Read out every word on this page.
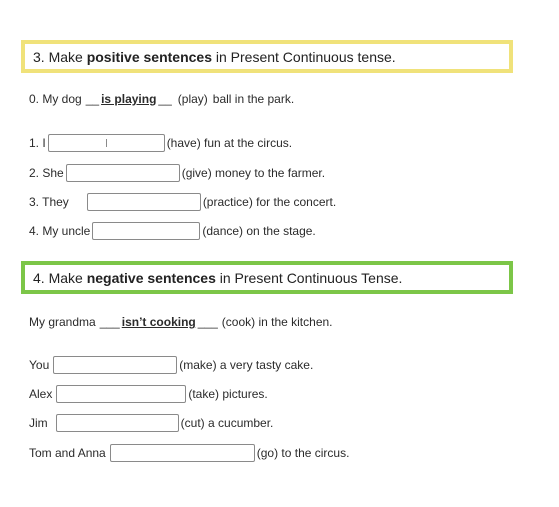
3.
Make
positive sentences
in Present Continuous tense.
0. My dog __ is playing __ (play) ball in the park.
1. I	(have) fun at the circus.
2. She	(give) money to the farmer.
3. They	(practice) for the concert.
4. My uncle	(dance) on the stage.
4.
Make
negative sentences
in Present Continuous Tense.
My grandma ___ isn’t cooking ___ (cook) in the kitchen.
You	(make) a very tasty cake.
Alex	(take) pictures.
Jim	(cut) a cucumber.
Tom and Anna	(go) to the circus.
